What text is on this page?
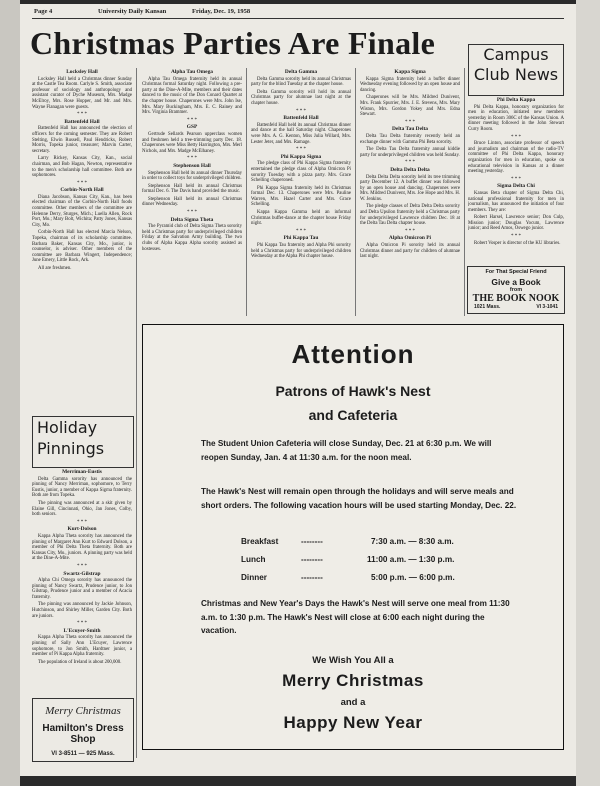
Page 4	University Daily Kansan	Friday, Dec. 19, 1958
Christmas Parties Are Finale
Locksley Hall

Locksley Hall held a Christmas dinner Sunday at the Castle Tea Room. Carlyle S. Smith, associate professor of sociology and anthropology and assistant curator of Dyche Museum, Mrs. Madge McElroy, Mrs. Rose Hopper, and Mr. and Mrs. Wayne Flanagan were guests.

* * *
Battenfeld Hall

Battenfeld Hall has announced the election of officers for the coming semester. They are Robert Stelting, Elwin Russell, Paul Hendricks, Robert Morris, Topeka junior, treasurer; Marvin Carter, secretary.

Larry Rickey, Kansas City, Kan., social chairman, and Bob Hagan, Newton, representative to the men's scholarship hall committee. Both are sophomores.

* * *
Corbin-North Hall

Diana Jacobson, Kansas City, Kan., has been elected chairman of the Corbin-North Hall foods committee. Other members of the committee are Helenne Derry, Sturges, Mich.; Luella Allen, Rock Port, Mo.; Mary Bolt, Wichita; Patty Jones, Kansas City, Mo.

Corbin-North Hall has elected Marcia Nelson, Topeka, chairman of its scholarship committee. Barbara Baker, Kansas City, Mo., junior, is counselor, is adviser. Other members of the committee are Barbara Wingert, Independence; June Emery, Little Rock, Ark.

All are freshmen.

Holiday
Pinnings
Merriman-Eustis

Delta Gamma sorority has announced the pinning of Nancy Merriman, sophomore, to Terry Eustis, junior, a member of Kappa Sigma fraternity. Both are from Topeka.

The pinning was announced at a skit given by Elaine Gill, Cincinnati, Ohio, Jan Jones, Colby, both seniors.

* * *
Kurt-Dolson

Kappa Alpha Theta sorority has announced the pinning of Margaret Ann Kurt to Edward Dolson, a member of Phi Delta Theta fraternity. Both are Kansas City, Mo., juniors. A pinning party was held at the Dine-A-Mite.

* * *
Swartz-Gilstrap

Alpha Chi Omega sorority has announced the pinning of Nancy Swartz, Prudence junior, to Jon Gilstrap, Prudence junior and a member of Acacia fraternity.

The pinning was announced by Jackie Johnson, Hutchinson, and Shirley Miller, Garden City. Both are juniors.

* * *
L'Ecuyer-Smith

Kappa Alpha Theta sorority has announced the pinning of Sally Ann L'Ecuyer, Lawrence sophomore, to Jon Smith, Hardtner junior, a member of Pi Kappa Alpha fraternity.

The population of Ireland is about 200,000.

Merry Christmas
Hamilton's Dress Shop
VI 3-8511 — 925 Mass.
Alpha Tau Omega

Alpha Tau Omega fraternity held its annual Christmas formal Saturday night. Following a pre-party at the Dine-A-Mite, members and their dates danced to the music of the Don Conard Quartet at the chapter house. Chaperones were Mrs. John Ise, Mrs. Mary Buckingham, Mrs. E. C. Rainey and Mrs. Virginia Brammer.

* * *
GSP

Gertrude Sellards Pearson upperclass women and freshmen held a tree-trimming party Dec. 18. Chaperones were Miss Betty Harrington, Mrs. Merl Nichols, and Mrs. Madge McElhaney.

* * *
Stephenson Hall

Stephenson Hall held its annual dinner Thursday in order to collect toys for underprivileged children.

Stephenson Hall held its annual Christmas formal Dec. 6. The Davis band provided the music.

Stephenson Hall held its annual Christmas dinner Wednesday.

* * *
Delta Sigma Theta

The Pyramid club of Delta Sigma Theta sorority held a Christmas party for underprivileged children Friday at the Salvation Army building. The two clubs of Alpha Kappa Alpha sorority assisted as hostesses.

Delta Gamma

Delta Gamma sorority held its annual Christmas party for the blind Tuesday at the chapter house.

Delta Gamma sorority will hold its annual Christmas party for alumnae last night at the chapter house.

* * *
Battenfeld Hall

Battenfeld Hall held its annual Christmas dinner and dance at the hall Saturday night. Chaperones were Mrs. A. G. Kenton, Miss Julia Willard, Mrs. Lester Jeter, and Mrs. Ramage.

* * *
Phi Kappa Sigma

The pledge class of Phi Kappa Sigma fraternity entertained the pledge class of Alpha Omicron Pi sorority Tuesday with a pizza party. Mrs. Grace Schelling chaperoned.

Phi Kappa Sigma fraternity held its Christmas formal Dec. 13. Chaperones were Mrs. Pauline Warren, Mrs. Hazel Carter and Mrs. Grace Schelling.

Kappa Kappa Gamma held an informal Christmas buffet-dance at the chapter house Friday night.

* * *
Phi Kappa Tau

Phi Kappa Tau fraternity and Alpha Phi sorority held a Christmas party for underprivileged children Wednesday at the Alpha Phi chapter house.

Kappa Sigma

Kappa Sigma fraternity held a buffet dinner Wednesday evening followed by an open house and dancing.

Chaperones will be Mrs. Mildred Dunivent, Mrs. Frank Spurrier, Mrs. J. E. Stevens, Mrs. Mary Wiston, Mrs. Gordon Yokey and Mrs. Edna Stewart.

* * *
Delta Tau Delta

Delta Tau Delta fraternity recently held an exchange dinner with Gamma Phi Beta sorority.

The Delta Tau Delta fraternity annual kiddie party for underprivileged children was held Sunday.

* * *
Delta Delta Delta

Delta Delta Delta sorority held its tree trimming party December 12. A buffet dinner was followed by an open house and dancing. Chaperones were Mrs. Mildred Dunivent, Mrs. Joe Hope and Mrs. H. W. Jenkins.

The pledge classes of Delta Delta Delta sorority and Delta Upsilon fraternity held a Christmas party for underprivileged Lawrence children Dec. 18 at the Delta Tau Delta chapter house.

* * *
Alpha Omicron Pi

Alpha Omicron Pi sorority held its annual Christmas dinner and party for children of alumnae last night.

Campus
Club News
Phi Delta Kappa

Phi Delta Kappa, honorary organization for men in education, initiated new members yesterday in Room 306C of the Kansas Union. A dinner meeting followed in the John Stewart Curry Room.

* * *

Bruce Linton, associate professor of speech and journalism and chairman of the radio-TV committee of Phi Delta Kappa, honorary organization for men in education, spoke on educational television in Kansas at a dinner meeting yesterday.

* * *
Sigma Delta Chi

Kansas Beta chapter of Sigma Delta Chi, national professional fraternity for men in journalism, has announced the initiation of four members. They are:

Robert Harsel, Lawrence senior; Don Culp, Mission junior; Douglas Yocum, Lawrence junior; and Reed Amos, Oswego junior.

* * *

Robert Vosper is director of the KU libraries.

For That Special Friend
Give a Book
from
THE BOOK NOOK
1021 Mass.	VI 3-1041
Attention
Patrons of Hawk's Nest
and Cafeteria
The Student Union Cafeteria will close Sunday, Dec. 21 at 6:30 p.m. We will reopen Sunday, Jan. 4 at 11:30 a.m. for the noon meal.
The Hawk's Nest will remain open through the holidays and will serve meals and short orders. The following vacation hours will be used starting Monday, Dec. 22.
Breakfast	--------	7:30 a.m. — 8:30 a.m.
Lunch	--------	11:00 a.m. — 1:30 p.m.
Dinner	--------	5:00 p.m. — 6:00 p.m.
Christmas and New Year's Days the Hawk's Nest will serve one meal from 11:30 a.m. to 1:30 p.m. The Hawk's Nest will close at 6:00 each night during the vacation.
We Wish You All a
Merry Christmas
and a
Happy New Year
